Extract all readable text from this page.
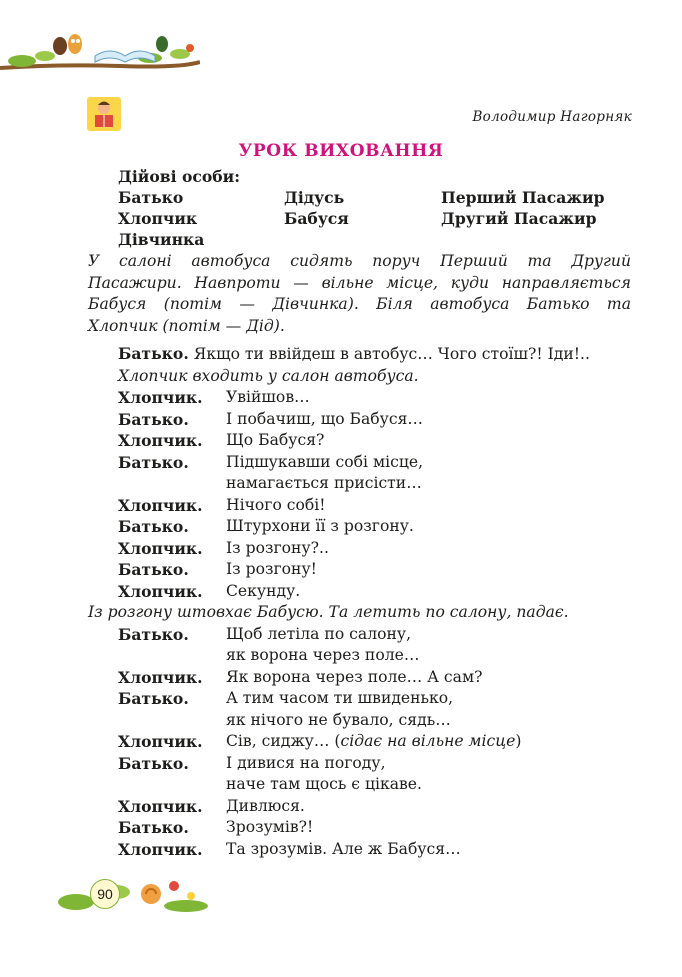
Володимир Нагорняк
УРОК ВИХОВАННЯ
Дійові особи:
Батько	Дідусь	Перший Пасажир
Хлопчик	Бабуся	Другий Пасажир
Дівчинка
У салоні автобуса сидять поруч Перший та Другий
Пасажири. Навпроти — вільне місце, куди направляється
Бабуся (потім — Дівчинка). Біля автобуса Батько та
Хлопчик (потім — Дід).
Батько. Якщо ти ввійдеш в автобус… Чого стоїш?! Іди!..
Хлопчик входить у салон автобуса.
Хлопчик.	Увійшов…
Батько.	І побачиш, що Бабуся…
Хлопчик.	Що Бабуся?
Батько.	Підшукавши собі місце,
намагається присісти…
Хлопчик.	Нічого собі!
Батько.	Штурхони її з розгону.
Хлопчик.	Із розгону?..
Батько.	Із розгону!
Хлопчик.	Секунду.
Із розгону штовхає Бабусю. Та летить по салону, падає.
Батько.	Щоб летіла по салону,
як ворона через поле…
Хлопчик.	Як ворона через поле… А сам?
Батько.	А тим часом ти швиденько,
як нічого не бувало, сядь…
Хлопчик.	Сів, сиджу… (сідає на вільне місце)
Батько.	І дивися на погоду,
наче там щось є цікаве.
Хлопчик.	Дивлюся.
Батько.	Зрозумів?!
Хлопчик.	Та зрозумів. Але ж Бабуся…
90
